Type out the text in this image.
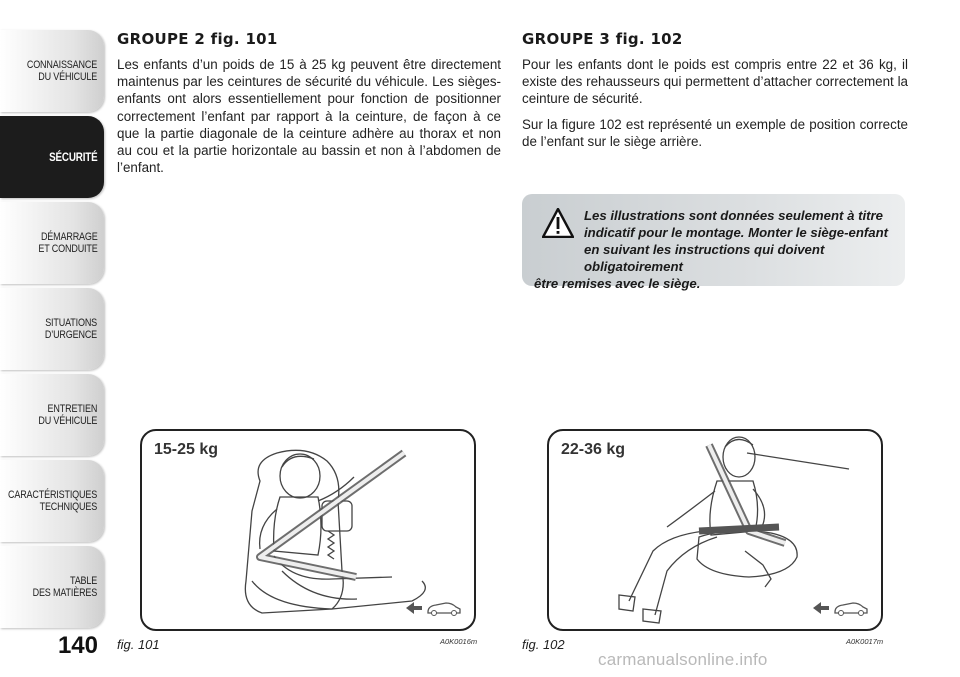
CONNAISSANCE
DU VÉHICULE
SÉCURITÉ
DÉMARRAGE
ET CONDUITE
SITUATIONS
D’URGENCE
ENTRETIEN
DU VÉHICULE
CARACTÉRISTIQUES
TECHNIQUES
TABLE
DES MATIÈRES
140
GROUPE 2 fig. 101

Les enfants d’un poids de 15 à 25 kg peuvent être directement maintenus par les ceintures de sécurité du véhicule. Les sièges-enfants ont alors essentiellement pour fonction de positionner correctement l’enfant par rapport à la ceinture, de façon à ce que la partie diagonale de la ceinture adhère au thorax et non au cou et la partie horizontale au bassin et non à l’abdomen de l’enfant.

GROUPE 3 fig. 102

Pour les enfants dont le poids est compris entre 22 et 36 kg, il existe des rehausseurs qui permettent d’attacher correctement la ceinture de sécurité.

Sur la figure 102 est représenté un exemple de position correcte de l’enfant sur le siège arrière.

Les illustrations sont données seulement à titre indicatif pour le montage. Monter le siège-enfant en suivant les instructions qui doivent obligatoirement
être remises avec le siège.
15-25 kg
fig. 101	A0K0016m
22-36 kg
fig. 102	A0K0017m
carmanualsonline.info
